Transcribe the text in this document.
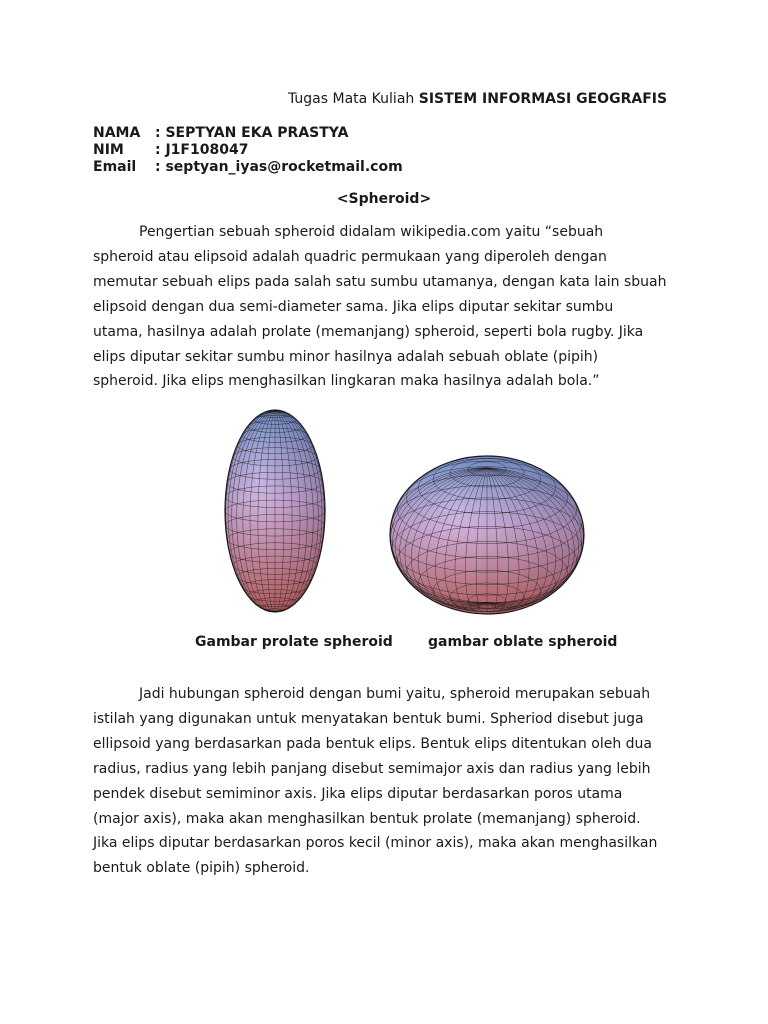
Tugas Mata Kuliah SISTEM INFORMASI GEOGRAFIS
NAMA	: SEPTYAN EKA PRASTYA
NIM	: J1F108047
Email	: septyan_iyas@rocketmail.com
<Spheroid>
Pengertian sebuah spheroid didalam wikipedia.com yaitu “sebuah
spheroid atau elipsoid adalah quadric permukaan yang diperoleh dengan
memutar sebuah elips pada salah satu sumbu utamanya, dengan kata lain sbuah
elipsoid dengan dua semi-diameter sama. Jika elips diputar sekitar sumbu
utama, hasilnya adalah prolate (memanjang) spheroid, seperti bola rugby. Jika
elips diputar sekitar sumbu minor hasilnya adalah sebuah oblate (pipih)
spheroid. Jika elips menghasilkan lingkaran maka hasilnya adalah bola.”
Gambar prolate spheroid	gambar oblate spheroid
Jadi hubungan spheroid dengan bumi yaitu, spheroid merupakan sebuah
istilah yang digunakan untuk menyatakan bentuk bumi. Spheriod disebut juga
ellipsoid yang berdasarkan pada bentuk elips. Bentuk elips ditentukan oleh dua
radius, radius yang lebih panjang disebut semimajor axis dan radius yang lebih
pendek disebut semiminor axis. Jika elips diputar berdasarkan poros utama
(major axis), maka akan menghasilkan bentuk prolate (memanjang) spheroid.
Jika elips diputar berdasarkan poros kecil (minor axis), maka akan menghasilkan
bentuk oblate (pipih) spheroid.
